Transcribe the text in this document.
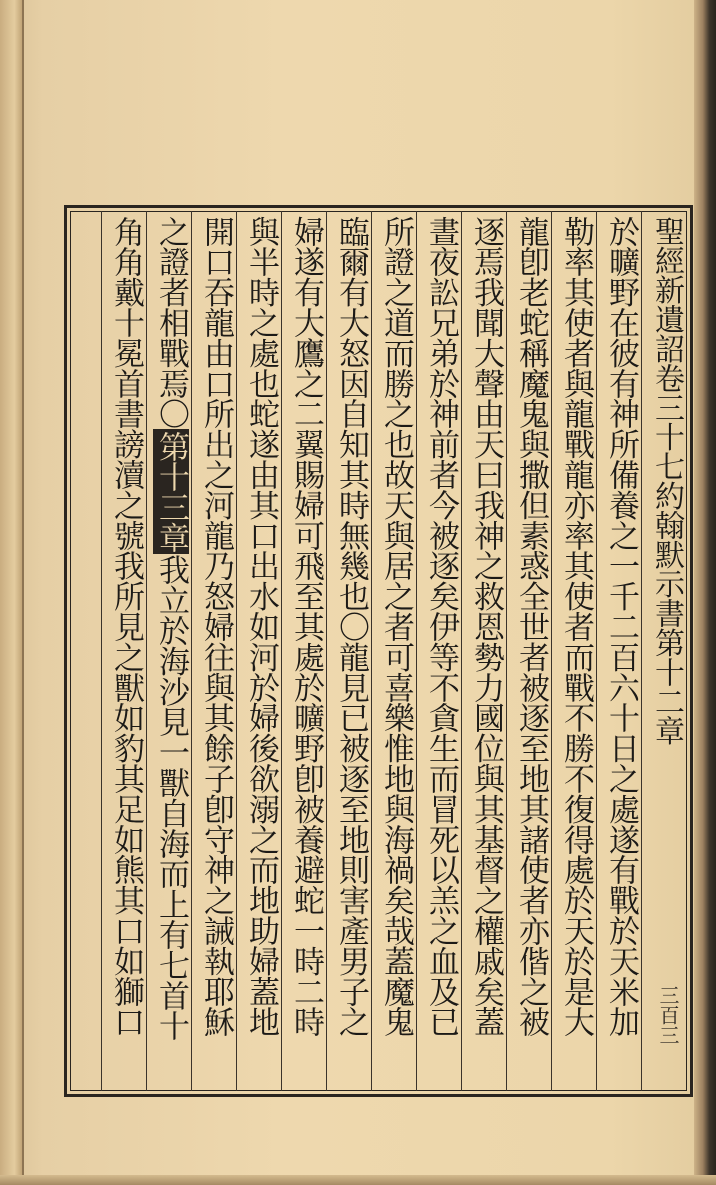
聖經新遺詔卷三十七約翰默示書第十二章
三百三
於曠野在彼有神所備養之一千二百六十日之處遂有戰於天米加
勒率其使者與龍戰龍亦率其使者而戰不勝不復得處於天於是大
龍卽老蛇稱魔鬼與撒但素惑全世者被逐至地其諸使者亦偕之被
逐焉我聞大聲由天曰我神之救恩勢力國位與其基督之權戚矣蓋
晝夜訟兄弟於神前者今被逐矣伊等不貪生而冒死以羔之血及已
所證之道而勝之也故天與居之者可喜樂惟地與海禍矣哉蓋魔鬼
臨爾有大怒因自知其時無幾也〇龍見已被逐至地則害產男子之
婦遂有大鷹之二翼賜婦可飛至其處於曠野卽被養避蛇一時二時
與半時之處也蛇遂由其口出水如河於婦後欲溺之而地助婦蓋地
開口吞龍由口所出之河龍乃怒婦往與其餘子卽守神之誡執耶穌
之證者相戰焉〇第十三章我立於海沙見一獸自海而上有七首十
角角戴十冕首書謗瀆之號我所見之獸如豹其足如熊其口如獅口
